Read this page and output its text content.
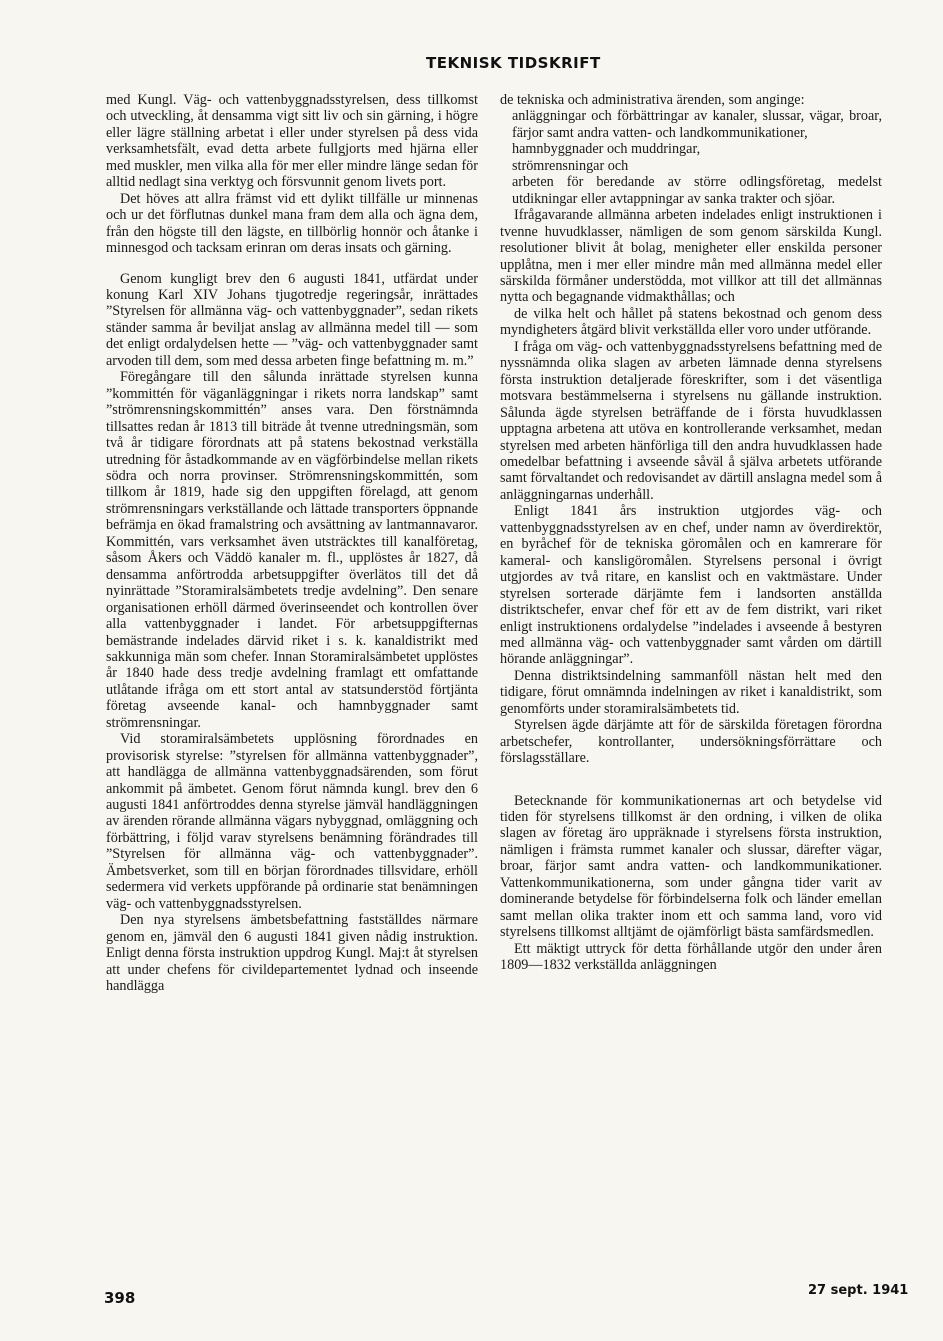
TEKNISK TIDSKRIFT

med Kungl. Väg- och vattenbyggnadsstyrelsen, dess tillkomst och utveckling, åt densamma vigt sitt liv och sin gärning, i högre eller lägre ställning arbetat i eller under styrelsen på dess vida verksamhetsfält, evad detta arbete fullgjorts med hjärna eller med muskler, men vilka alla för mer eller mindre länge sedan för alltid nedlagt sina verktyg och försvunnit genom livets port.

Det höves att allra främst vid ett dylikt tillfälle ur minnenas och ur det förflutnas dunkel mana fram dem alla och ägna dem, från den högste till den lägste, en tillbörlig honnör och åtanke i minnesgod och tacksam erinran om deras insats och gärning.

Genom kungligt brev den 6 augusti 1841, utfärdat under konung Karl XIV Johans tjugotredje regeringsår, inrättades ”Styrelsen för allmänna väg- och vattenbyggnader”, sedan rikets ständer samma år beviljat anslag av allmänna medel till — som det enligt ordalydelsen hette — ”väg- och vattenbyggnader samt arvoden till dem, som med dessa arbeten finge befattning m. m.”

Föregångare till den sålunda inrättade styrelsen kunna ”kommittén för väganläggningar i rikets norra landskap” samt ”strömrensningskommittén” anses vara. Den förstnämnda tillsattes redan år 1813 till biträde åt tvenne utredningsmän, som två år tidigare förordnats att på statens bekostnad verkställa utredning för åstadkommande av en vägförbindelse mellan rikets södra och norra provinser. Strömrensningskommittén, som tillkom år 1819, hade sig den uppgiften förelagd, att genom strömrensningars verkställande och lättade transporters öppnande befrämja en ökad framalstring och avsättning av lantmannavaror. Kommittén, vars verksamhet även utsträcktes till kanalföretag, såsom Åkers och Väddö kanaler m. fl., upplöstes år 1827, då densamma anförtrodda arbetsuppgifter överlätos till det då nyinrättade ”Storamiralsämbetets tredje avdelning”. Den senare organisationen erhöll därmed överinseendet och kontrollen över alla vattenbyggnader i landet. För arbetsuppgifternas bemästrande indelades därvid riket i s. k. kanaldistrikt med sakkunniga män som chefer. Innan Storamiralsämbetet upplöstes år 1840 hade dess tredje avdelning framlagt ett omfattande utlåtande ifråga om ett stort antal av statsunderstöd förtjänta företag avseende kanal- och hamnbyggnader samt strömrensningar.

Vid storamiralsämbetets upplösning förordnades en provisorisk styrelse: ”styrelsen för allmänna vattenbyggnader”, att handlägga de allmänna vattenbyggnadsärenden, som förut ankommit på ämbetet. Genom förut nämnda kungl. brev den 6 augusti 1841 anförtroddes denna styrelse jämväl handläggningen av ärenden rörande allmänna vägars nybyggnad, omläggning och förbättring, i följd varav styrelsens benämning förändrades till ”Styrelsen för allmänna väg- och vattenbyggnader”. Ämbetsverket, som till en början förordnades tillsvidare, erhöll sedermera vid verkets uppförande på ordinarie stat benämningen väg- och vattenbyggnadsstyrelsen.

Den nya styrelsens ämbetsbefattning fastställdes närmare genom en, jämväl den 6 augusti 1841 given nådig instruktion. Enligt denna första instruktion uppdrog Kungl. Maj:t åt styrelsen att under chefens för civildepartementet lydnad och inseende handlägga

de tekniska och administrativa ärenden, som anginge:

anläggningar och förbättringar av kanaler, slussar, vägar, broar, färjor samt andra vatten- och landkommunikationer,

hamnbyggnader och muddringar,

strömrensningar och

arbeten för beredande av större odlingsföretag, medelst utdikningar eller avtappningar av sanka trakter och sjöar.

Ifrågavarande allmänna arbeten indelades enligt instruktionen i tvenne huvudklasser, nämligen de som genom särskilda Kungl. resolutioner blivit åt bolag, menigheter eller enskilda personer upplåtna, men i mer eller mindre mån med allmänna medel eller särskilda förmåner understödda, mot villkor att till det allmännas nytta och begagnande vidmakthållas; och

de vilka helt och hållet på statens bekostnad och genom dess myndigheters åtgärd blivit verkställda eller voro under utförande.

I fråga om väg- och vattenbyggnadsstyrelsens befattning med de nyssnämnda olika slagen av arbeten lämnade denna styrelsens första instruktion detaljerade föreskrifter, som i det väsentliga motsvara bestämmelserna i styrelsens nu gällande instruktion. Sålunda ägde styrelsen beträffande de i första huvudklassen upptagna arbetena att utöva en kontrollerande verksamhet, medan styrelsen med arbeten hänförliga till den andra huvudklassen hade omedelbar befattning i avseende såväl å själva arbetets utförande samt förvaltandet och redovisandet av därtill anslagna medel som å anläggningarnas underhåll.

Enligt 1841 års instruktion utgjordes väg- och vattenbyggnadsstyrelsen av en chef, under namn av överdirektör, en byråchef för de tekniska göromålen och en kamrerare för kameral- och kansligöromålen. Styrelsens personal i övrigt utgjordes av två ritare, en kanslist och en vaktmästare. Under styrelsen sorterade därjämte fem i landsorten anställda distriktschefer, envar chef för ett av de fem distrikt, vari riket enligt instruktionens ordalydelse ”indelades i avseende å bestyren med allmänna väg- och vattenbyggnader samt vården om därtill hörande anläggningar”.

Denna distriktsindelning sammanföll nästan helt med den tidigare, förut omnämnda indelningen av riket i kanaldistrikt, som genomförts under storamiralsämbetets tid.

Styrelsen ägde därjämte att för de särskilda företagen förordna arbetschefer, kontrollanter, undersökningsförrättare och förslagsställare.

Betecknande för kommunikationernas art och betydelse vid tiden för styrelsens tillkomst är den ordning, i vilken de olika slagen av företag äro uppräknade i styrelsens första instruktion, nämligen i främsta rummet kanaler och slussar, därefter vägar, broar, färjor samt andra vatten- och landkommunikationer. Vattenkommunikationerna, som under gångna tider varit av dominerande betydelse för förbindelserna folk och länder emellan samt mellan olika trakter inom ett och samma land, voro vid styrelsens tillkomst alltjämt de ojämförligt bästa samfärdsmedlen.

Ett mäktigt uttryck för detta förhållande utgör den under åren 1809—1832 verkställda anläggningen

398	27 sept. 1941
